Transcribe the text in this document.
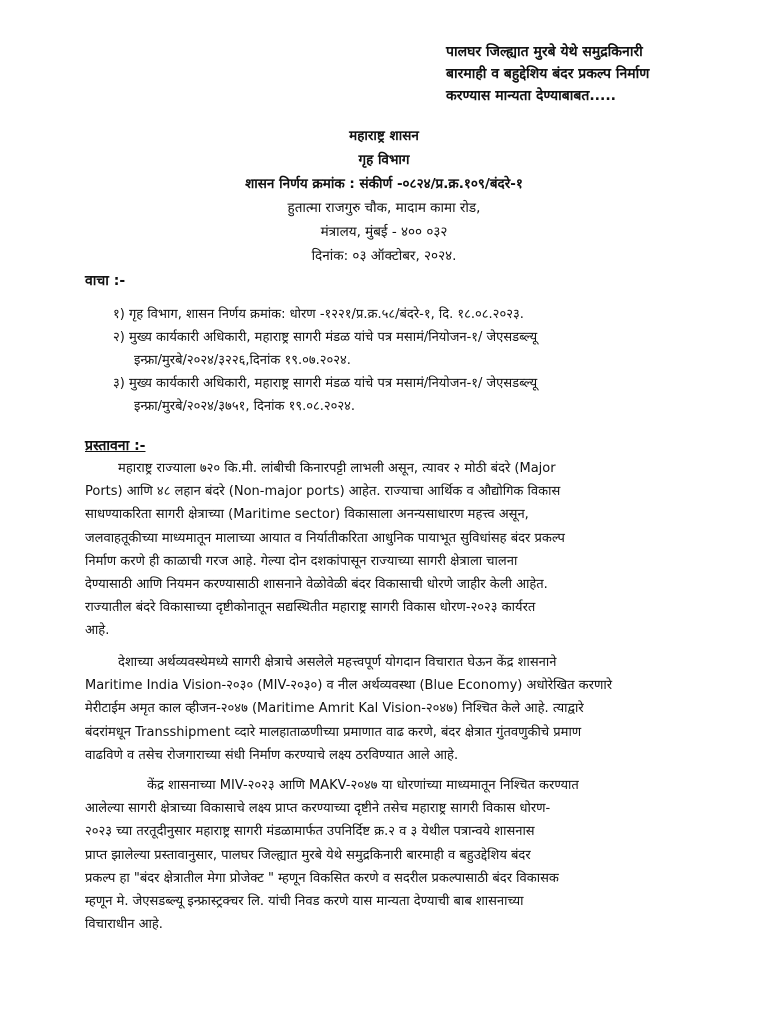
पालघर जिल्ह्यात मुरबे येथे समुद्रकिनारी
बारमाही व बहुद्देशिय बंदर प्रकल्प निर्माण
करण्यास मान्यता देण्याबाबत.....
महाराष्ट्र शासन
गृह विभाग
शासन निर्णय क्रमांक : संकीर्ण -०८२४/प्र.क्र.१०९/बंदरे-१
हुतात्मा राजगुरु चौक, मादाम कामा रोड,
मंत्रालय, मुंबई - ४०० ०३२
दिनांक: ०३ ऑक्टोबर, २०२४.
वाचा :-
१) गृह विभाग, शासन निर्णय क्रमांक: धोरण -१२२१/प्र.क्र.५८/बंदरे-१, दि. १८.०८.२०२३.
२) मुख्य कार्यकारी अधिकारी, महाराष्ट्र सागरी मंडळ यांचे पत्र मसामं/नियोजन-१/ जेएसडब्ल्यू
इन्फ्रा/मुरबे/२०२४/३२२६,दिनांक १९.०७.२०२४.
३) मुख्य कार्यकारी अधिकारी, महाराष्ट्र सागरी मंडळ यांचे पत्र मसामं/नियोजन-१/ जेएसडब्ल्यू
इन्फ्रा/मुरबे/२०२४/३७५१, दिनांक १९.०८.२०२४.
प्रस्तावना :-
महाराष्ट्र राज्याला ७२० कि.मी. लांबीची किनारपट्टी लाभली असून, त्यावर २ मोठी बंदरे (Major
Ports) आणि ४८ लहान बंदरे (Non-major ports) आहेत. राज्याचा आर्थिक व औद्योगिक विकास
साधण्याकरिता सागरी क्षेत्राच्या (Maritime sector) विकासाला अनन्यसाधारण महत्त्व असून,
जलवाहतूकीच्या माध्यमातून मालाच्या आयात व निर्यातीकरिता आधुनिक पायाभूत सुविधांसह बंदर प्रकल्प
निर्माण करणे ही काळाची गरज आहे. गेल्या दोन दशकांपासून राज्याच्या सागरी क्षेत्राला चालना
देण्यासाठी आणि नियमन करण्यासाठी शासनाने वेळोवेळी बंदर विकासाची धोरणे जाहीर केली आहेत.
राज्यातील बंदरे विकासाच्या दृष्टीकोनातून सद्यस्थितीत महाराष्ट्र सागरी विकास धोरण-२०२३ कार्यरत
आहे.
देशाच्या अर्थव्यवस्थेमध्ये सागरी क्षेत्राचे असलेले महत्त्वपूर्ण योगदान विचारात घेऊन केंद्र शासनाने
Maritime India Vision-२०३० (MIV-२०३०) व नील अर्थव्यवस्था (Blue Economy) अधोरेखित करणारे
मेरीटाईम अमृत काल व्हीजन-२०४७ (Maritime Amrit Kal Vision-२०४७) निश्चित केले आहे. त्याद्वारे
बंदरांमधून Transshipment व्दारे मालहाताळणीच्या प्रमाणात वाढ करणे, बंदर क्षेत्रात गुंतवणुकीचे प्रमाण
वाढविणे व तसेच रोजगाराच्या संधी निर्माण करण्याचे लक्ष्य ठरविण्यात आले आहे.
केंद्र शासनाच्या MIV-२०२३ आणि MAKV-२०४७ या धोरणांच्या माध्यमातून निश्चित करण्यात
आलेल्या सागरी क्षेत्राच्या विकासाचे लक्ष्य प्राप्त करण्याच्या दृष्टीने तसेच महाराष्ट्र सागरी विकास धोरण-
२०२३ च्या तरतूदीनुसार महाराष्ट्र सागरी मंडळामार्फत उपनिर्दिष्ट क्र.२ व ३ येथील पत्रान्वये शासनास
प्राप्त झालेल्या प्रस्तावानुसार, पालघर जिल्ह्यात मुरबे येथे समुद्रकिनारी बारमाही व बहुउद्देशिय बंदर
प्रकल्प हा "बंदर क्षेत्रातील मेगा प्रोजेक्ट " म्हणून विकसित करणे व सदरील प्रकल्पासाठी बंदर विकासक
म्हणून मे. जेएसडब्ल्यू इन्फ्रास्ट्रक्चर लि. यांची निवड करणे यास मान्यता देण्याची बाब शासनाच्या
विचाराधीन आहे.
